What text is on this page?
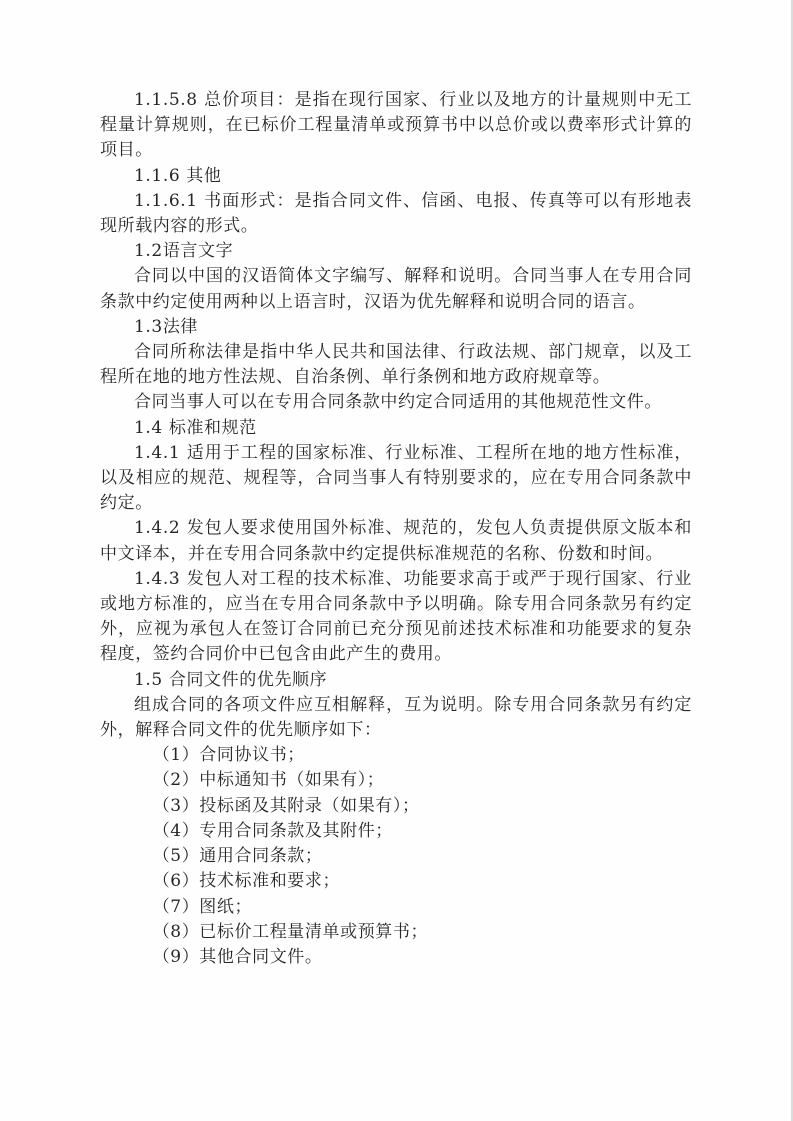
1.1.5.8 总价项目：是指在现行国家、行业以及地方的计量规则中无工程量计算规则，在已标价工程量清单或预算书中以总价或以费率形式计算的项目。

1.1.6 其他

1.1.6.1 书面形式：是指合同文件、信函、电报、传真等可以有形地表现所载内容的形式。

1.2语言文字

合同以中国的汉语简体文字编写、解释和说明。合同当事人在专用合同条款中约定使用两种以上语言时，汉语为优先解释和说明合同的语言。

1.3法律

合同所称法律是指中华人民共和国法律、行政法规、部门规章，以及工程所在地的地方性法规、自治条例、单行条例和地方政府规章等。

合同当事人可以在专用合同条款中约定合同适用的其他规范性文件。

1.4 标准和规范

1.4.1 适用于工程的国家标准、行业标准、工程所在地的地方性标准，以及相应的规范、规程等，合同当事人有特别要求的，应在专用合同条款中约定。

1.4.2 发包人要求使用国外标准、规范的，发包人负责提供原文版本和中文译本，并在专用合同条款中约定提供标准规范的名称、份数和时间。

1.4.3 发包人对工程的技术标准、功能要求高于或严于现行国家、行业或地方标准的，应当在专用合同条款中予以明确。除专用合同条款另有约定外，应视为承包人在签订合同前已充分预见前述技术标准和功能要求的复杂程度，签约合同价中已包含由此产生的费用。

1.5 合同文件的优先顺序

组成合同的各项文件应互相解释，互为说明。除专用合同条款另有约定外，解释合同文件的优先顺序如下：

（1）合同协议书；
（2）中标通知书（如果有）；
（3）投标函及其附录（如果有）；
（4）专用合同条款及其附件；
（5）通用合同条款；
（6）技术标准和要求；
（7）图纸；
（8）已标价工程量清单或预算书；
（9）其他合同文件。
